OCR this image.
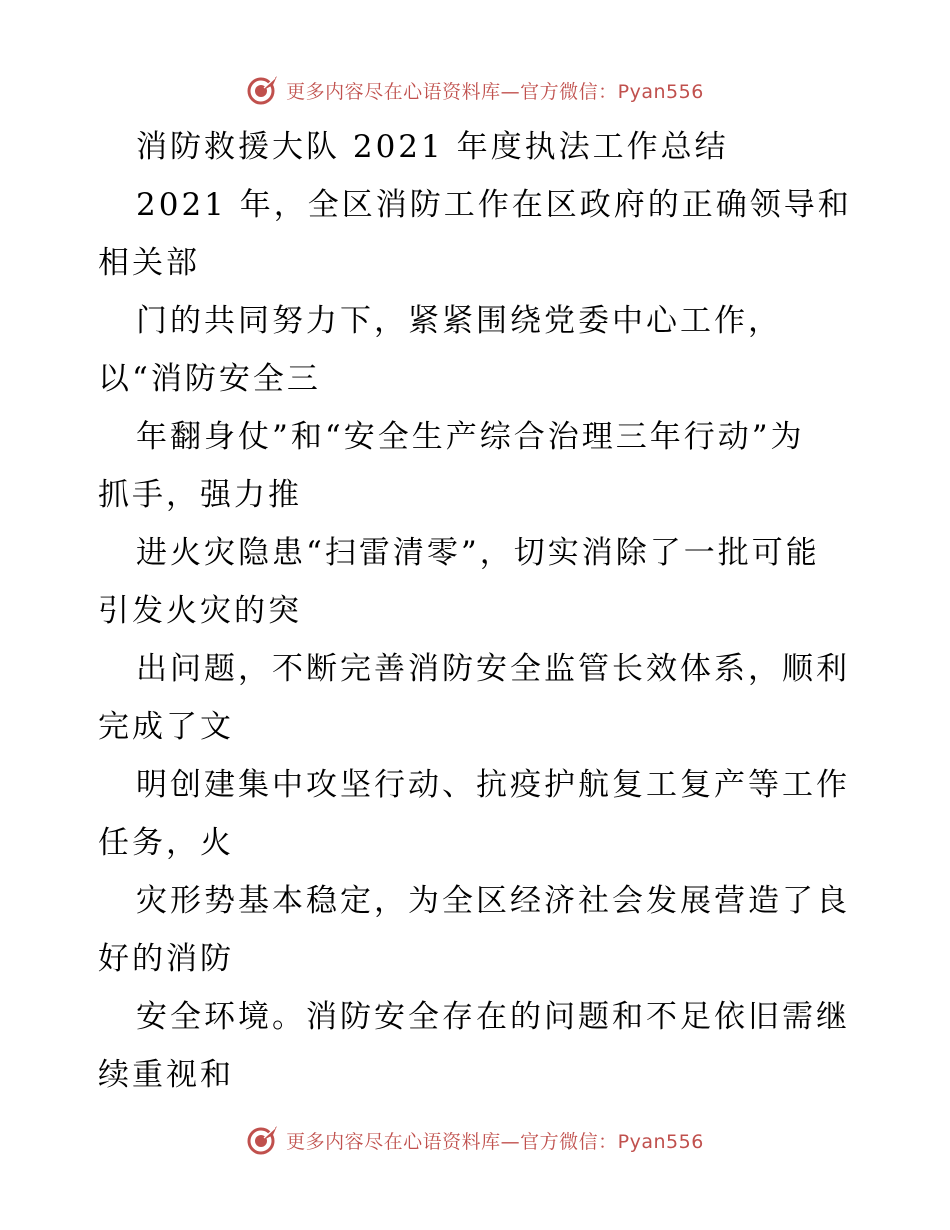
更多内容尽在心语资料库—官方微信：Pyan556
消防救援大队 2021 年度执法工作总结
2021 年，全区消防工作在区政府的正确领导和
相关部
门的共同努力下，紧紧围绕党委中心工作，
以“消防安全三
年翻身仗”和“安全生产综合治理三年行动”为
抓手，强力推
进火灾隐患“扫雷清零”，切实消除了一批可能
引发火灾的突
出问题，不断完善消防安全监管长效体系，顺利
完成了文
明创建集中攻坚行动、抗疫护航复工复产等工作
任务，火
灾形势基本稳定，为全区经济社会发展营造了良
好的消防
安全环境。消防安全存在的问题和不足依旧需继
续重视和
更多内容尽在心语资料库—官方微信：Pyan556
